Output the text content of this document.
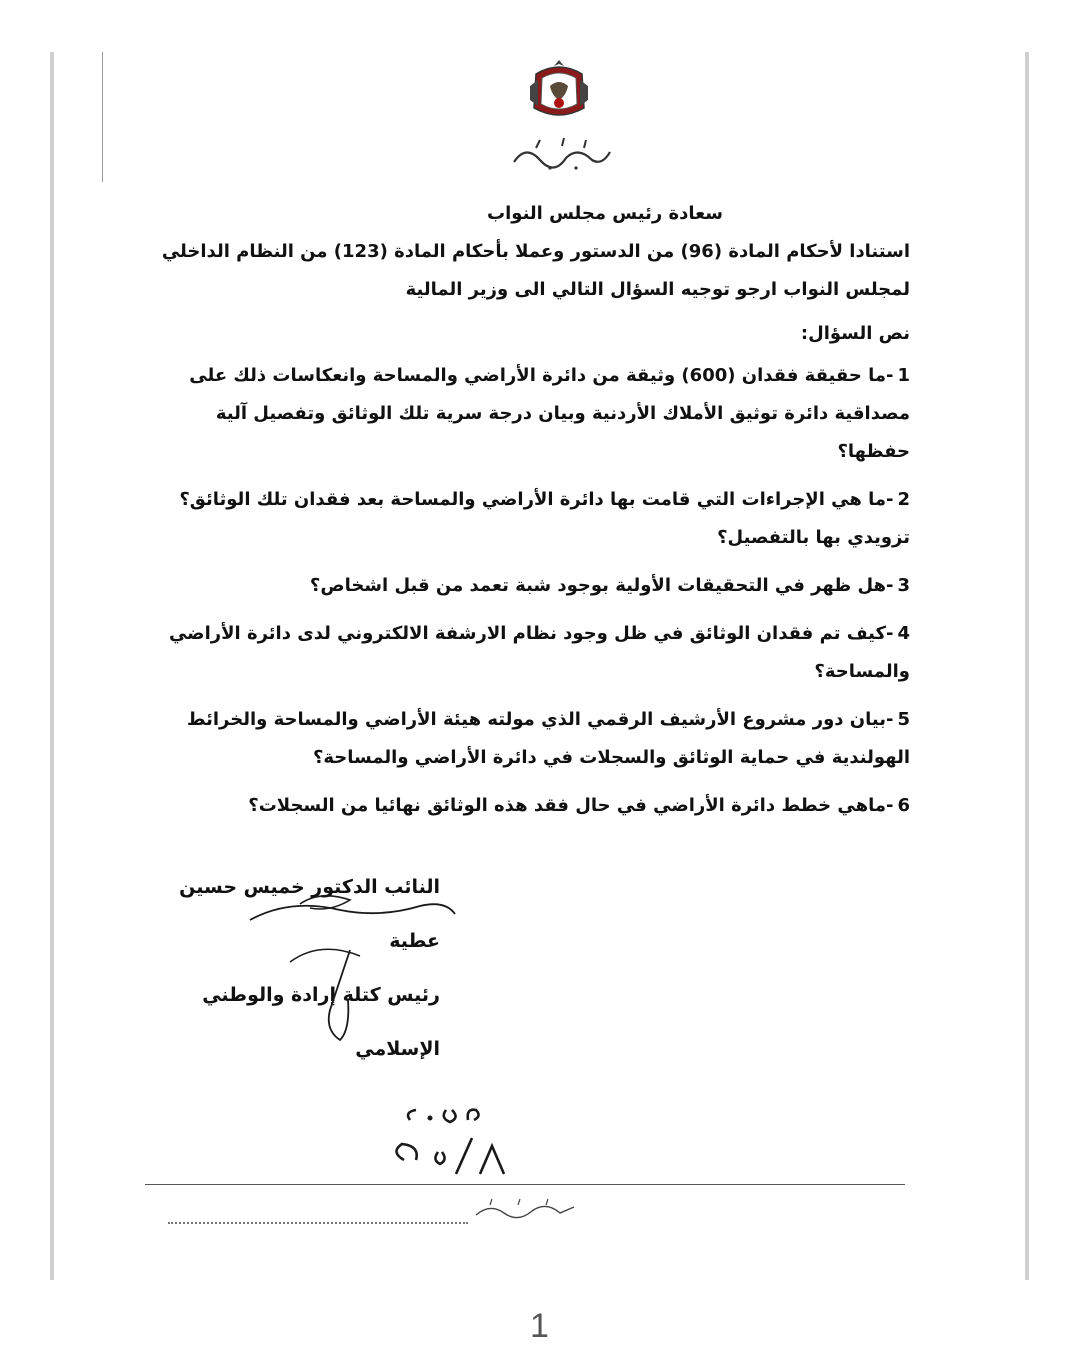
سعادة رئيس مجلس النواب

استنادا لأحكام المادة (96) من الدستور وعملا بأحكام المادة (123) من النظام الداخلي لمجلس النواب ارجو توجيه السؤال التالي الى وزير المالية

نص السؤال:

1-ما حقيقة فقدان (600) وثيقة من دائرة الأراضي والمساحة وانعكاسات ذلك على مصداقية دائرة توثيق الأملاك الأردنية وبيان درجة سرية تلك الوثائق وتفصيل آلية حفظها؟
2-ما هي الإجراءات التي قامت بها دائرة الأراضي والمساحة بعد فقدان تلك الوثائق؟ تزويدي بها بالتفصيل؟
3-هل ظهر في التحقيقات الأولية بوجود شبة تعمد من قبل اشخاص؟
4-كيف تم فقدان الوثائق في ظل وجود نظام الارشفة الالكتروني لدى دائرة الأراضي والمساحة؟
5-بيان دور مشروع الأرشيف الرقمي الذي مولته هيئة الأراضي والمساحة والخرائط الهولندية في حماية الوثائق والسجلات في دائرة الأراضي والمساحة؟
6-ماهي خطط دائرة الأراضي في حال فقد هذه الوثائق نهائيا من السجلات؟
النائب الدكتور خميس حسين عطية
رئيس كتلة إرادة والوطني الإسلامي
1
